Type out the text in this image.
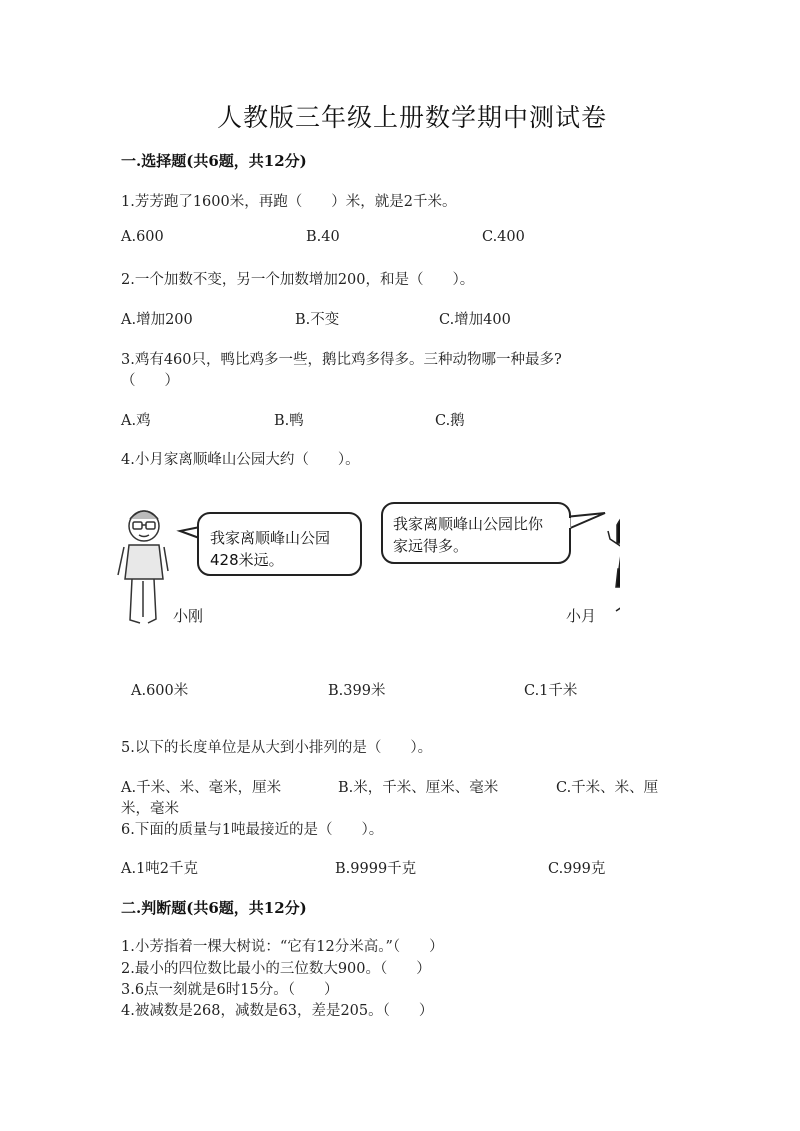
人教版三年级上册数学期中测试卷
一.选择题(共6题，共12分)
1.芳芳跑了1600米，再跑（　　）米，就是2千米。
A.600	B.40	C.400
2.一个加数不变，另一个加数增加200，和是（　　）。
A.增加200	B.不变	C.增加400
3.鸡有460只，鸭比鸡多一些，鹅比鸡多得多。三种动物哪一种最多?
（　　）
A.鸡	B.鸭	C.鹅
4.小月家离顺峰山公园大约（　　）。
我家离顺峰山公园
428米远。
我家离顺峰山公园比你
家远得多。
小刚	小月
A.600米	B.399米	C.1千米
5.以下的长度单位是从大到小排列的是（　　）。
A.千米、米、毫米，厘米	B.米，千米、厘米、毫米	C.千米、米、厘
米，毫米
6.下面的质量与1吨最接近的是（　　）。
A.1吨2千克	B.9999千克	C.999克
二.判断题(共6题，共12分)
1.小芳指着一棵大树说：“它有12分米高。”（　　）
2.最小的四位数比最小的三位数大900。（　　）
3.6点一刻就是6时15分。（　　）
4.被减数是268，减数是63，差是205。（　　）
